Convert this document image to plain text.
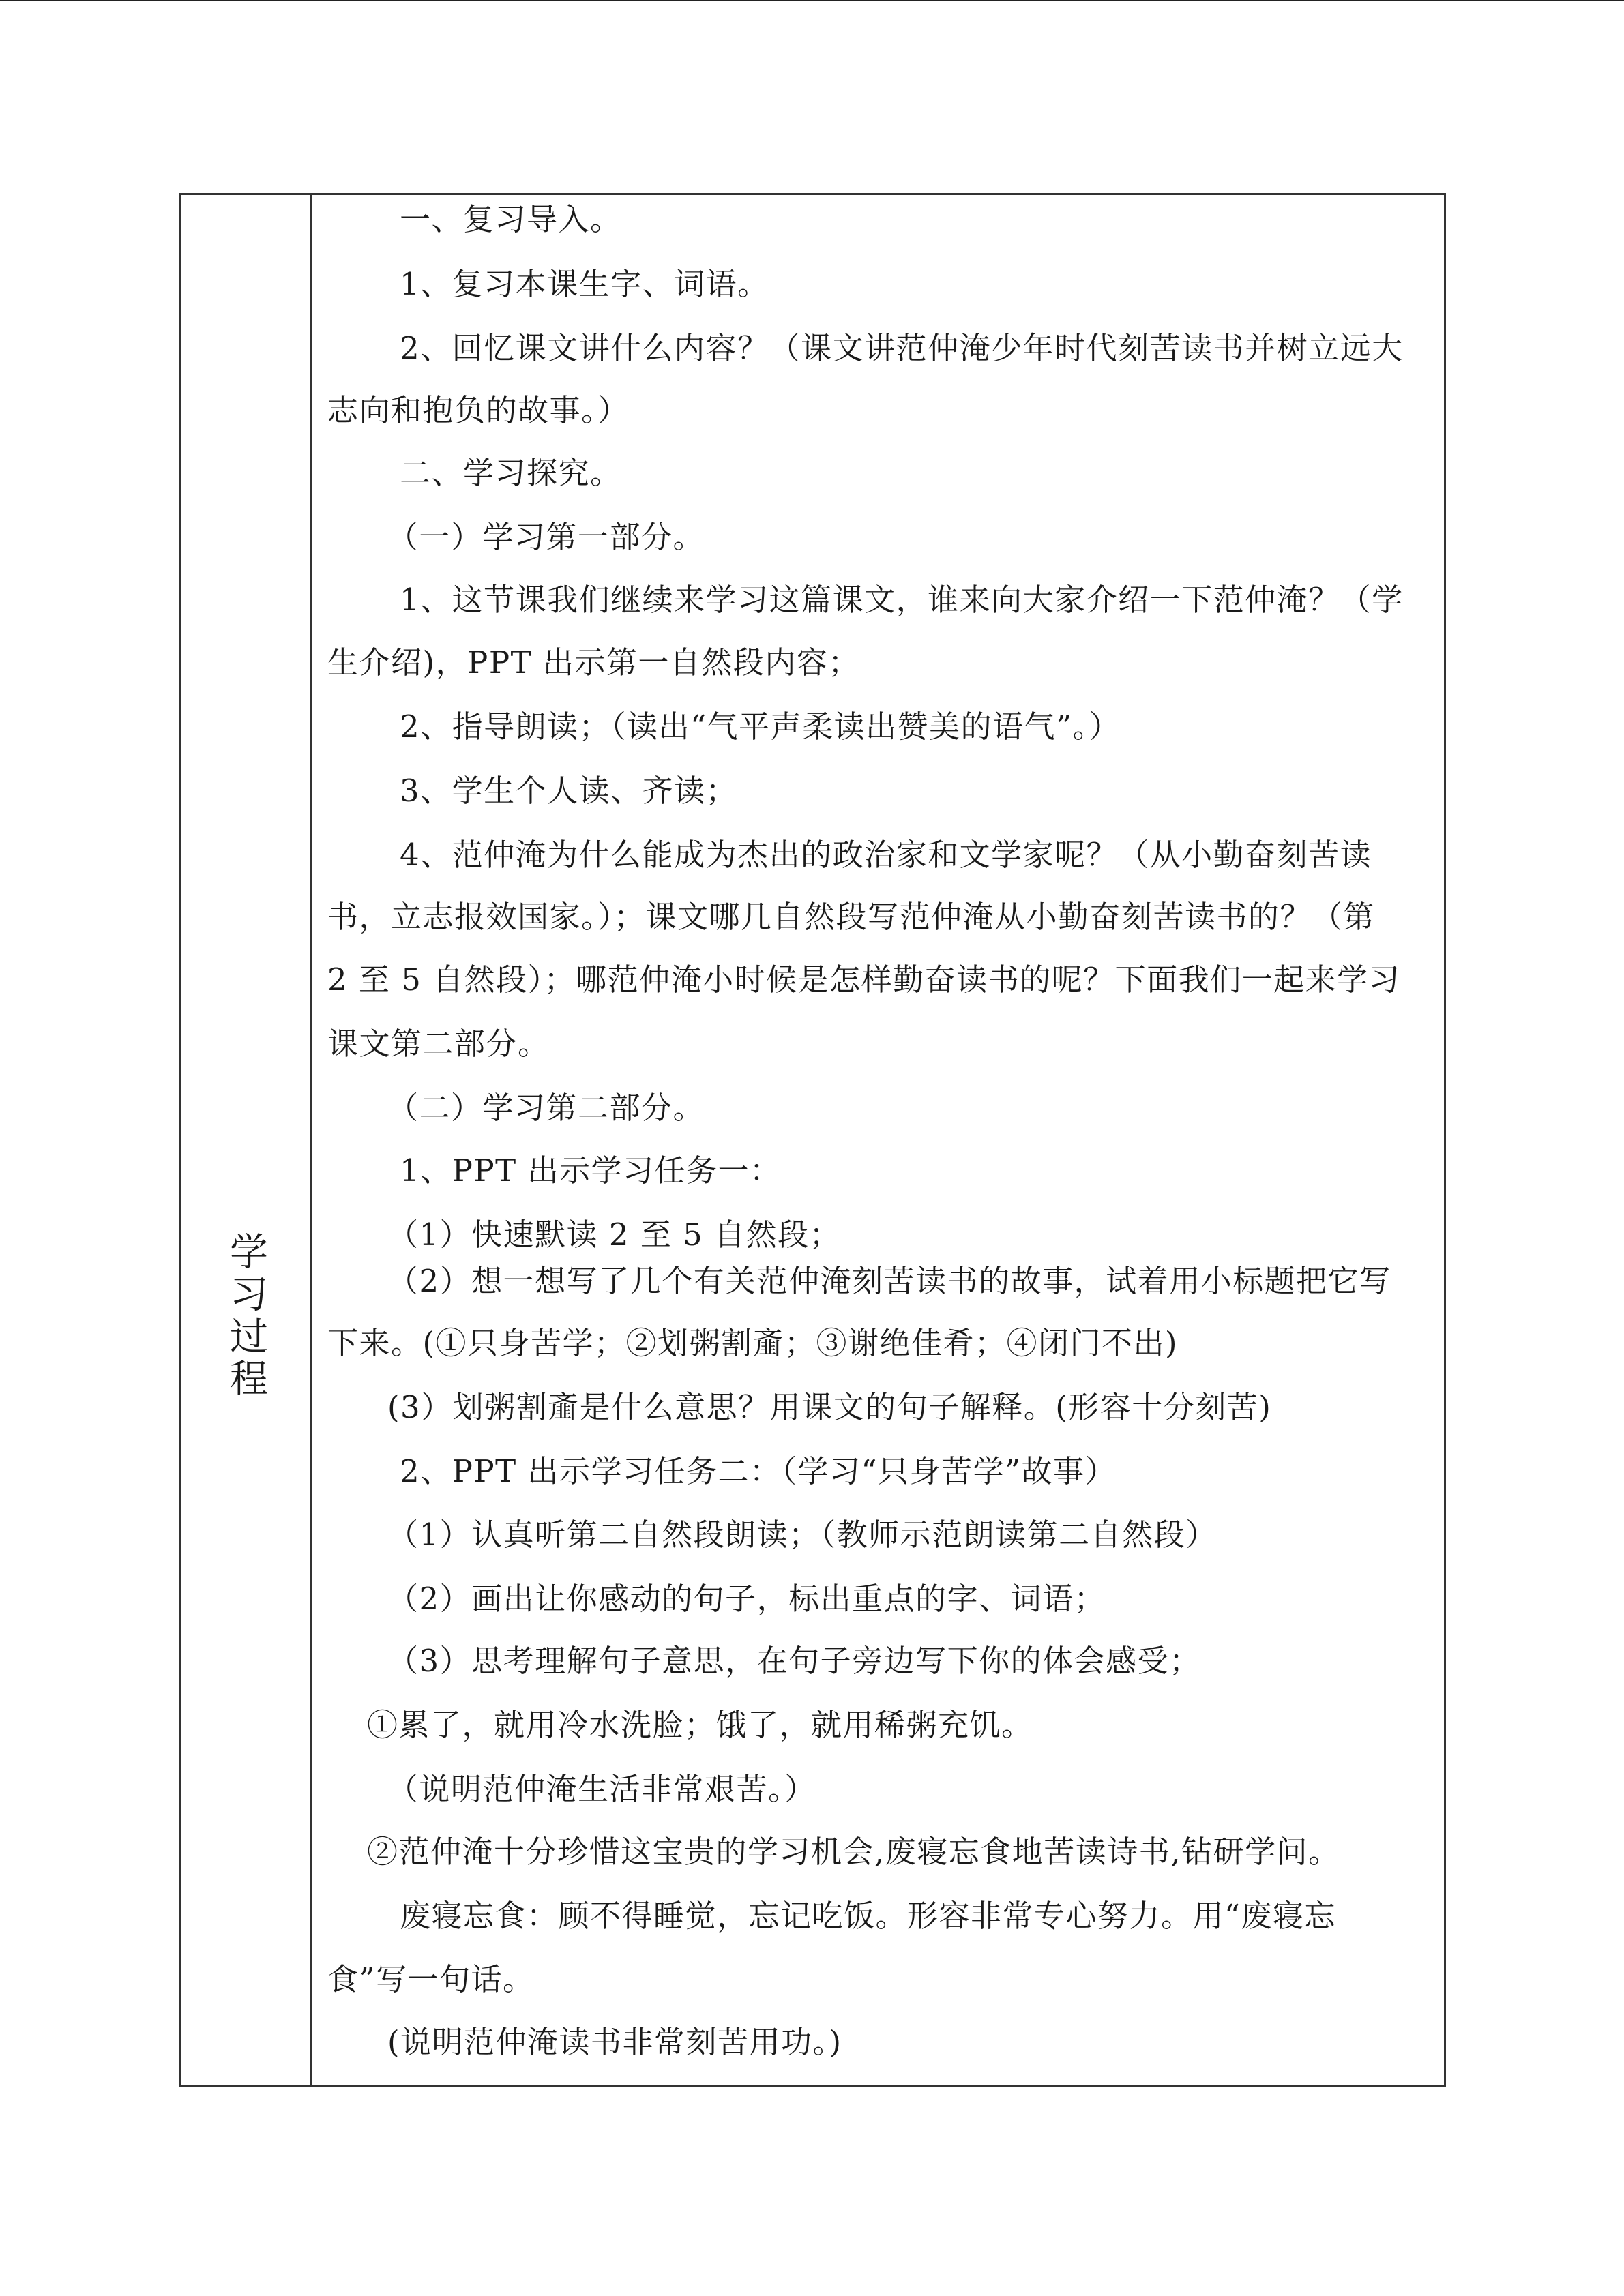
学习过程
一、复习导入。
1、复习本课生字、词语。
2、回忆课文讲什么内容？（课文讲范仲淹少年时代刻苦读书并树立远大
志向和抱负的故事。）
二、学习探究。
（一）学习第一部分。
1、这节课我们继续来学习这篇课文，谁来向大家介绍一下范仲淹？（学
生介绍)，PPT 出示第一自然段内容；
2、指导朗读；（读出“气平声柔读出赞美的语气”。）
3、学生个人读、齐读；
4、范仲淹为什么能成为杰出的政治家和文学家呢？（从小勤奋刻苦读
书，立志报效国家。）；课文哪几自然段写范仲淹从小勤奋刻苦读书的？（第
2 至 5 自然段）；哪范仲淹小时候是怎样勤奋读书的呢？下面我们一起来学习
课文第二部分。
（二）学习第二部分。
1、PPT 出示学习任务一：
（1）快速默读 2 至 5 自然段；
（2）想一想写了几个有关范仲淹刻苦读书的故事，试着用小标题把它写
下来。(①只身苦学；②划粥割齑；③谢绝佳肴；④闭门不出)
(3）划粥割齑是什么意思？用课文的句子解释。(形容十分刻苦)
2、PPT 出示学习任务二：（学习“只身苦学”故事）
（1）认真听第二自然段朗读；（教师示范朗读第二自然段）
（2）画出让你感动的句子，标出重点的字、词语；
（3）思考理解句子意思，在句子旁边写下你的体会感受；
①累了，就用冷水洗脸；饿了，就用稀粥充饥。
（说明范仲淹生活非常艰苦。）
②范仲淹十分珍惜这宝贵的学习机会,废寝忘食地苦读诗书,钻研学问。
废寝忘食：顾不得睡觉，忘记吃饭。形容非常专心努力。用“废寝忘
食”写一句话。
(说明范仲淹读书非常刻苦用功。)
